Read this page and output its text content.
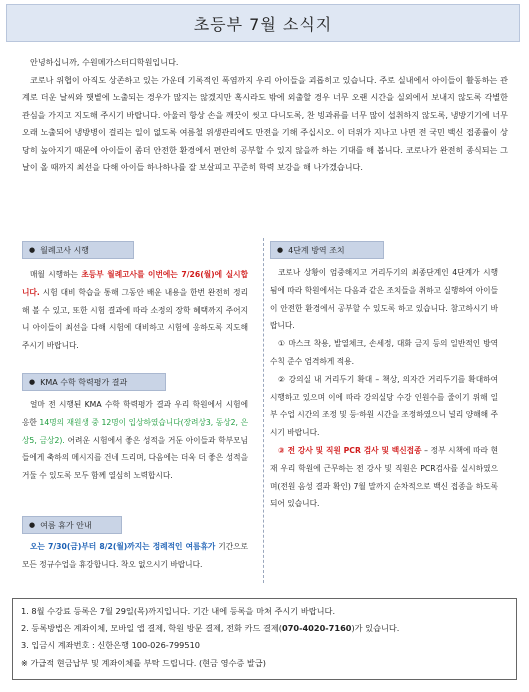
초등부 7월 소식지

안녕하십니까, 수원메가스터디학원입니다.

코로나 위협이 아직도 상존하고 있는 가운데 기록적인 폭염까지 우리 아이들을 괴롭히고 있습니다. 주로 실내에서 아이들이 활동하는 관계로 더운 날씨와 햇볕에 노출되는 경우가 많지는 않겠지만 혹시라도 밖에 외출할 경우 너무 오랜 시간을 실외에서 보내지 않도록 각별한 관심을 가지고 지도해 주시기 바랍니다. 아울러 항상 손을 깨끗이 씻고 다니도록, 찬 빙과류를 너무 많이 섭취하지 않도록, 냉방기기에 너무 오래 노출되어 냉방병이 걸리는 일이 없도록 여름철 위생관리에도 만전을 기해 주십시오. 이 더위가 지나고 나면 전 국민 백신 접종률이 상당히 높아지기 때문에 아이들이 좀더 안전한 환경에서 편안히 공부할 수 있지 않을까 하는 기대를 해 봅니다. 코로나가 완전히 종식되는 그날이 올 때까지 최선을 다해 아이들 하나하나를 잘 보살피고 꾸준히 학력 보강을 해 나가겠습니다.

● 월례고사 시행

매월 시행하는 초등부 월례고사를 이번에는 7/26(월)에 실시합니다. 시험 대비 학습을 통해 그동안 배운 내용을 한번 완전히 정리해 볼 수 있고, 또한 시험 결과에 따라 소정의 장학 혜택까지 주어지니 아이들이 최선을 다해 시험에 대비하고 시험에 응하도록 지도해 주시기 바랍니다.

● KMA 수학 학력평가 결과

얼마 전 시행된 KMA 수학 학력평가 결과 우리 학원에서 시험에 응한 14명의 재원생 중 12명이 입상하였습니다(장려상3, 동상2, 은상5, 금상2). 어려운 시험에서 좋은 성적을 거둔 아이들과 학부모님들에게 축하의 메시지를 건네 드리며, 다음에는 더욱 더 좋은 성적을 거둘 수 있도록 모두 함께 열심히 노력합시다.

● 여름 휴가 안내

오는 7/30(금)부터 8/2(월)까지는 정례적인 여름휴가 기간으로 모든 정규수업을 휴강합니다. 착오 없으시기 바랍니다.

● 4단계 방역 조치

코로나 상황이 엄중해지고 거리두기의 최종단계인 4단계가 시행됨에 따라 학원에서는 다음과 같은 조치들을 취하고 실행하여 아이들이 안전한 환경에서 공부할 수 있도록 하고 있습니다. 참고하시기 바랍니다.

① 마스크 착용, 발열체크, 손세정, 대화 금지 등의 일반적인 방역수칙 준수 엄격하게 적용.

② 강의실 내 거리두기 확대 – 책상, 의자간 거리두기를 확대하여 시행하고 있으며 이에 따라 강의실당 수강 인원수를 줄이기 위해 일부 수업 시간의 조정 및 등·하원 시간을 조정하였으니 널리 양해해 주시기 바랍니다.

③ 전 강사 및 직원 PCR 검사 및 백신접종 – 정부 시책에 따라 현재 우리 학원에 근무하는 전 강사 및 직원은 PCR검사를 실시하였으며(전원 음성 결과 확인) 7월 말까지 순차적으로 백신 접종을 하도록 되어 있습니다.

1. 8월 수강료 등록은 7월 29일(목)까지입니다. 기간 내에 등록을 마쳐 주시기 바랍니다.

2. 등록방법은 계좌이체, 모바일 앱 결제, 학원 방문 결제, 전화 카드 결제(070-4020-7160)가 있습니다.

3. 입금시 계좌번호 : 신한은행 100-026-799510

※ 가급적 현금납부 및 계좌이체를 부탁 드립니다. (현금 영수증 발급)
